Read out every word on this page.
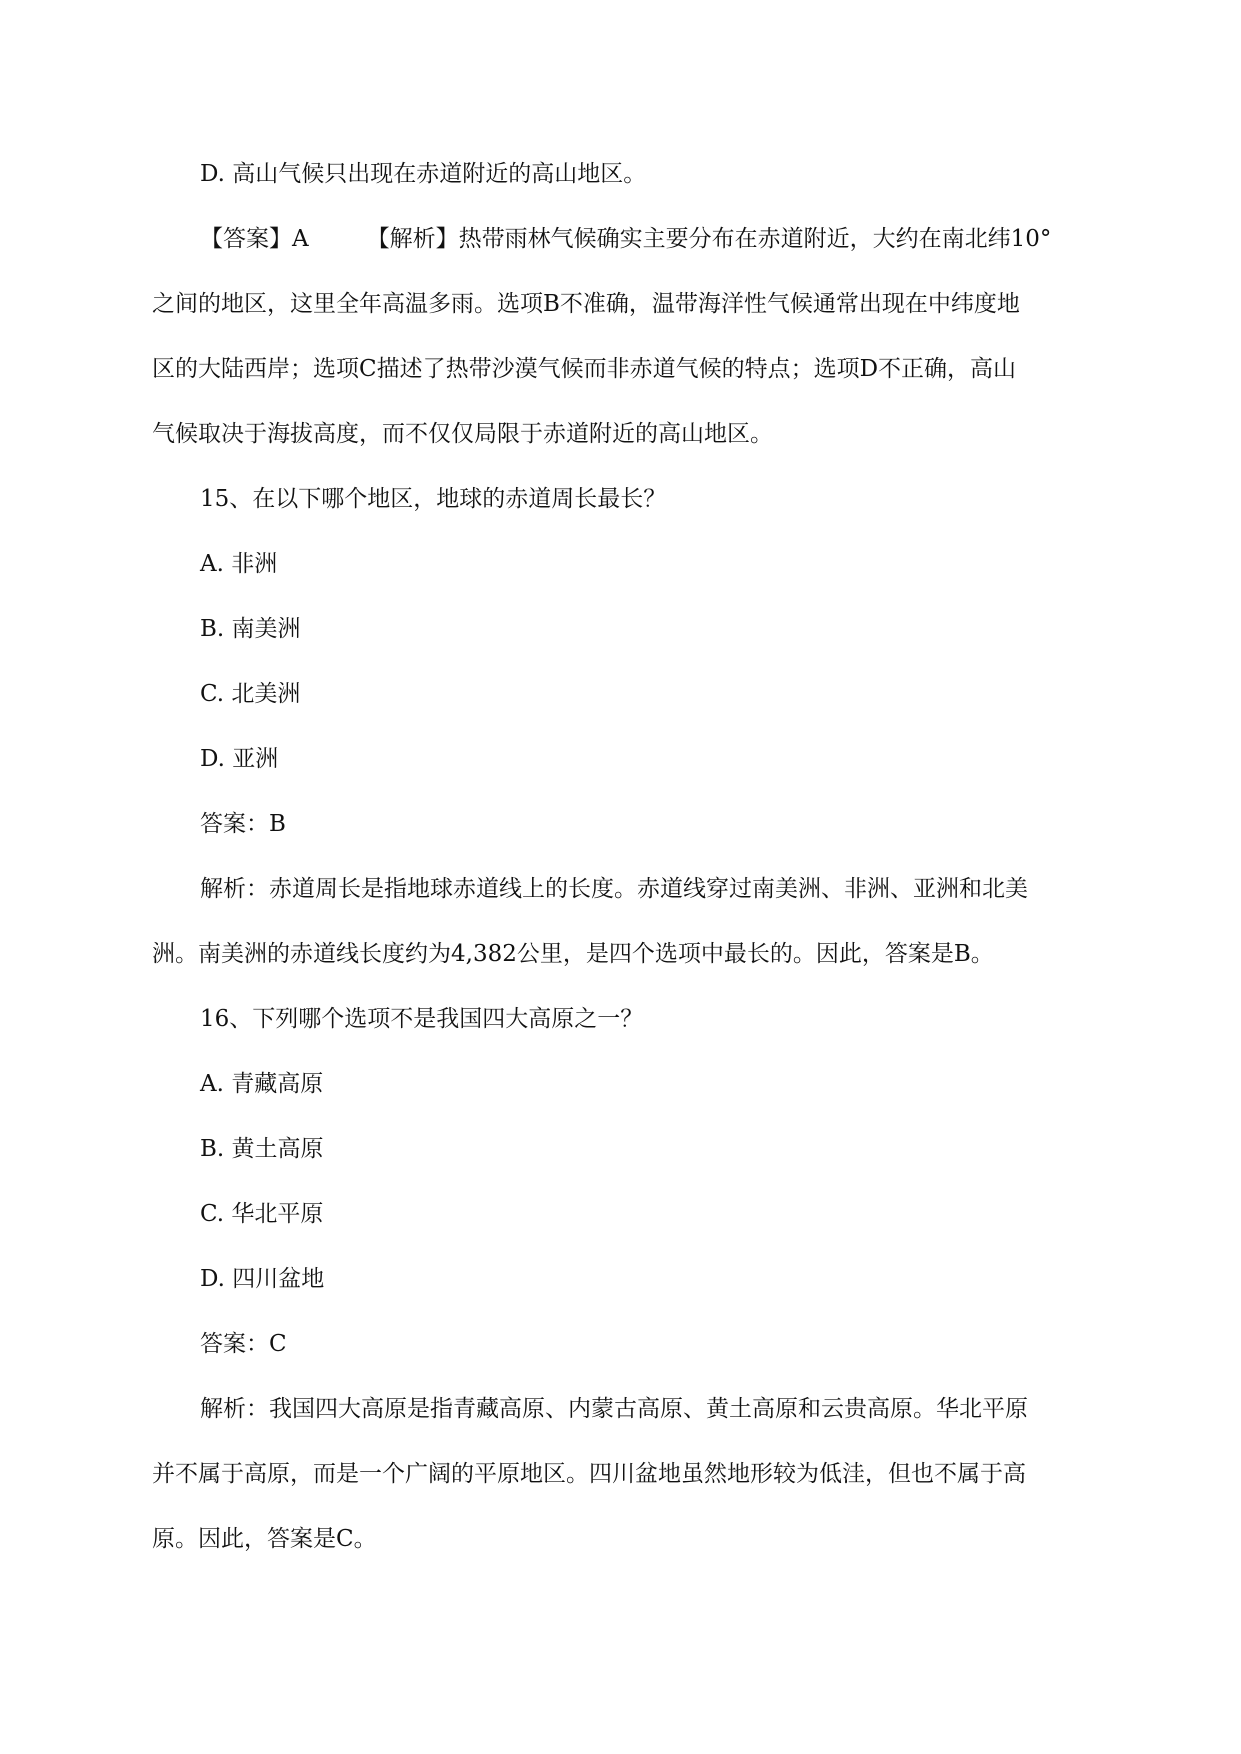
D. 高山气候只出现在赤道附近的高山地区。
【答案】A	【解析】热带雨林气候确实主要分布在赤道附近，大约在南北纬10°
之间的地区，这里全年高温多雨。选项B不准确，温带海洋性气候通常出现在中纬度地
区的大陆西岸；选项C描述了热带沙漠气候而非赤道气候的特点；选项D不正确，高山
气候取决于海拔高度，而不仅仅局限于赤道附近的高山地区。
15、在以下哪个地区，地球的赤道周长最长？
A. 非洲
B. 南美洲
C. 北美洲
D. 亚洲
答案：B
解析：赤道周长是指地球赤道线上的长度。赤道线穿过南美洲、非洲、亚洲和北美
洲。南美洲的赤道线长度约为4,382公里，是四个选项中最长的。因此，答案是B。
16、下列哪个选项不是我国四大高原之一？
A. 青藏高原
B. 黄土高原
C. 华北平原
D. 四川盆地
答案：C
解析：我国四大高原是指青藏高原、内蒙古高原、黄土高原和云贵高原。华北平原
并不属于高原，而是一个广阔的平原地区。四川盆地虽然地形较为低洼，但也不属于高
原。因此，答案是C。
